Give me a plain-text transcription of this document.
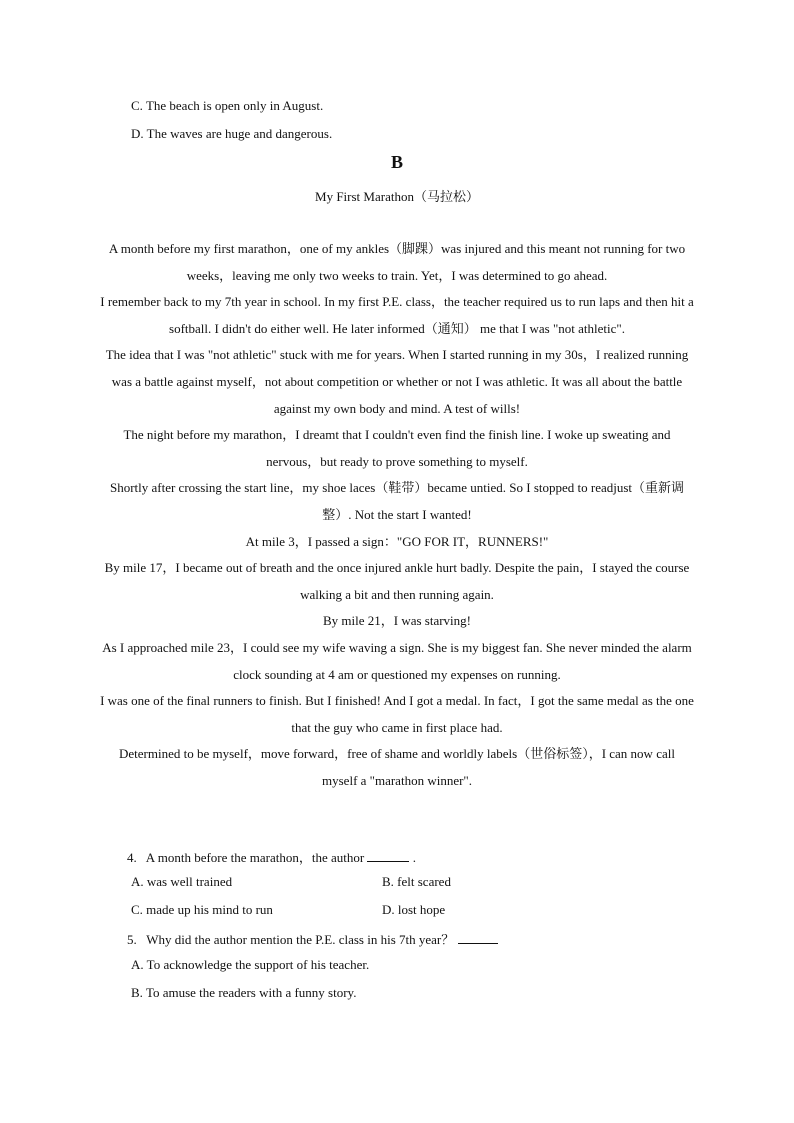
C. The beach is open only in August.
D. The waves are huge and dangerous.
B
My First Marathon（马拉松）

A month before my first marathon，one of my ankles（脚踝）was injured and this meant not running for two weeks，leaving me only two weeks to train. Yet，I was determined to go ahead.

I remember back to my 7th year in school. In my first P.E. class，the teacher required us to run laps and then hit a softball. I didn't do either well. He later informed（通知） me that I was "not athletic".

The idea that I was "not athletic" stuck with me for years. When I started running in my 30s，I realized running was a battle against myself，not about competition or whether or not I was athletic. It was all about the battle against my own body and mind. A test of wills!

The night before my marathon，I dreamt that I couldn't even find the finish line. I woke up sweating and nervous，but ready to prove something to myself.

Shortly after crossing the start line，my shoe laces（鞋带）became untied. So I stopped to readjust（重新调整）. Not the start I wanted!

At mile 3，I passed a sign："GO FOR IT，RUNNERS!"

By mile 17，I became out of breath and the once injured ankle hurt badly. Despite the pain，I stayed the course walking a bit and then running again.

By mile 21，I was starving!

As I approached mile 23，I could see my wife waving a sign. She is my biggest fan. She never minded the alarm clock sounding at 4 am or questioned my expenses on running.

I was one of the final runners to finish. But I finished! And I got a medal. In fact，I got the same medal as the one that the guy who came in first place had.

Determined to be myself，move forward，free of shame and worldly labels（世俗标签），I can now call myself a "marathon winner".

4. A month before the marathon，the author	.
A. was well trained	B. felt scared
C. made up his mind to run	D. lost hope
5. Why did the author mention the P.E. class in his 7th year？
A. To acknowledge the support of his teacher.
B. To amuse the readers with a funny story.
